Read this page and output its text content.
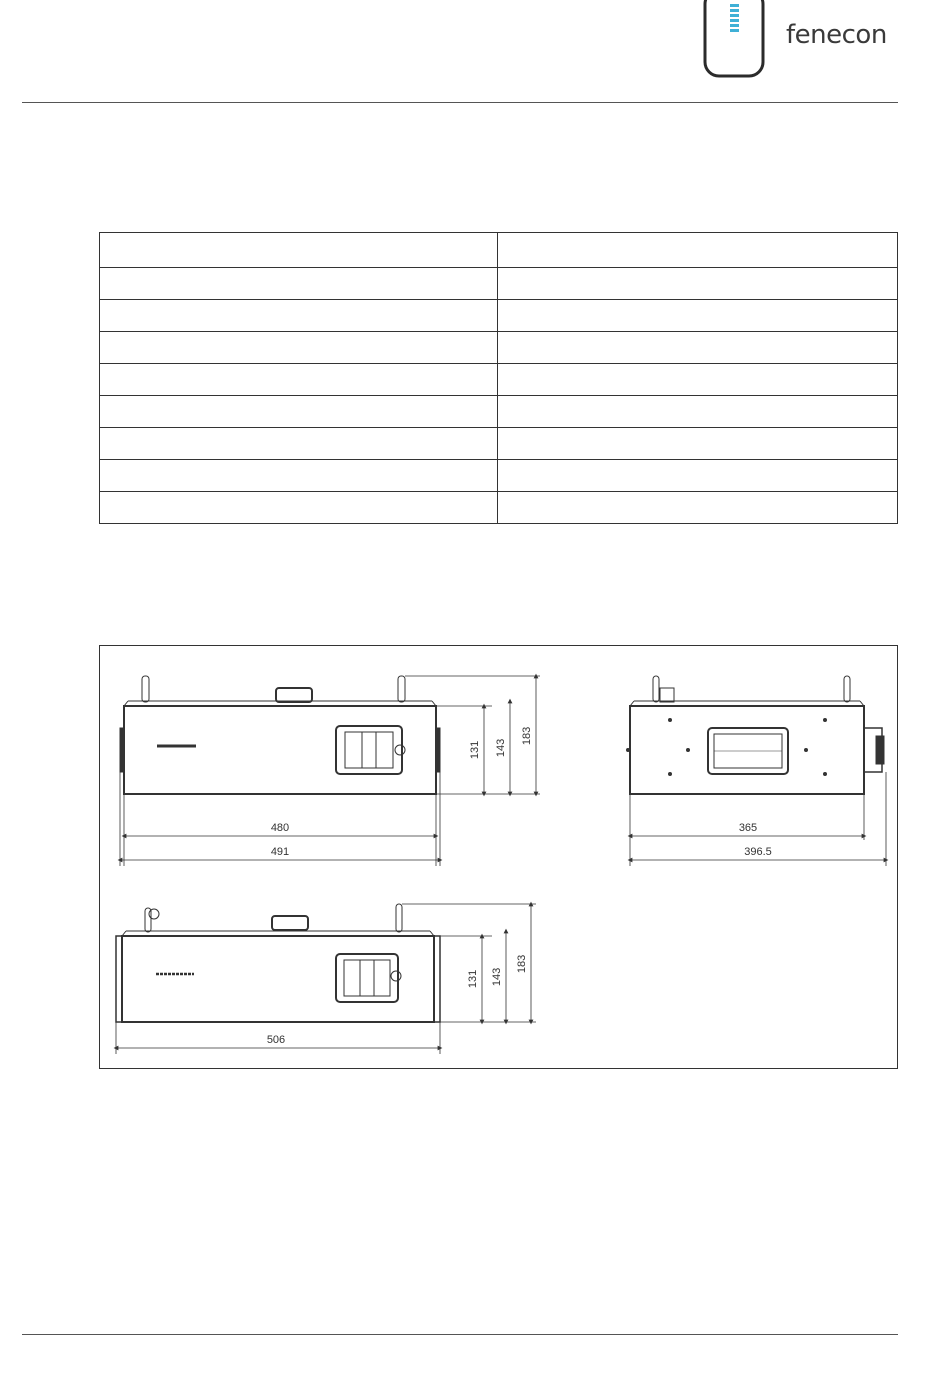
fenecon

480
491
131 143
183
365
396.5
506
131 143
183
